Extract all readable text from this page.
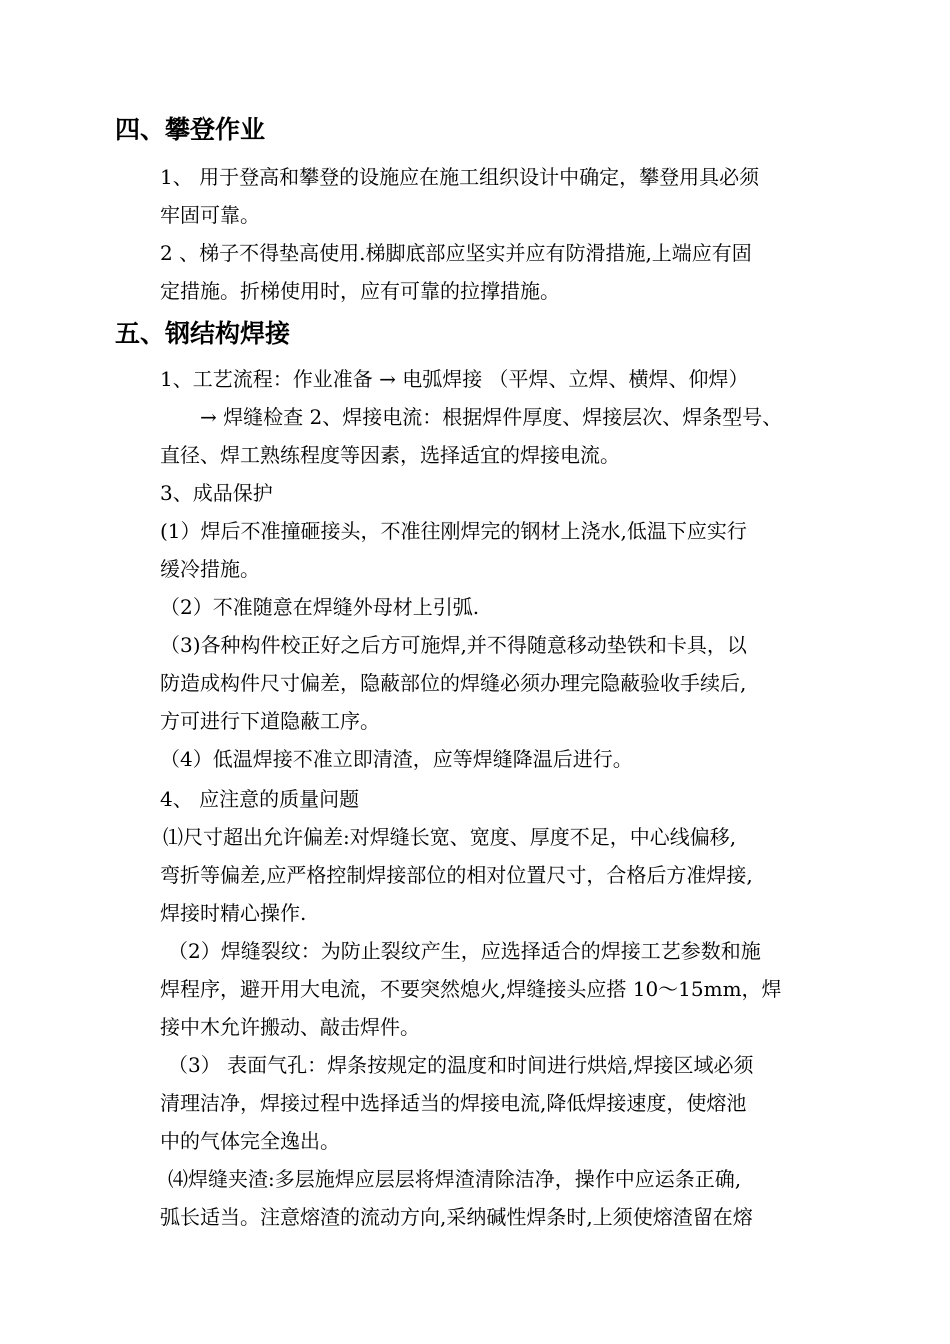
四、攀登作业

1、 用于登高和攀登的设施应在施工组织设计中确定，攀登用具必须

牢固可靠。

2 、梯子不得垫高使用.梯脚底部应坚实并应有防滑措施,上端应有固

定措施。折梯使用时，应有可靠的拉撑措施。

五、钢结构焊接

1、工艺流程：作业准备 → 电弧焊接 （平焊、立焊、横焊、仰焊）

→ 焊缝检查 2、焊接电流：根据焊件厚度、焊接层次、焊条型号、

直径、焊工熟练程度等因素，选择适宜的焊接电流。

3、成品保护

(1）焊后不准撞砸接头，不准往刚焊完的钢材上浇水,低温下应实行

缓冷措施。

（2）不准随意在焊缝外母材上引弧.

（3)各种构件校正好之后方可施焊,并不得随意移动垫铁和卡具，以

防造成构件尺寸偏差，隐蔽部位的焊缝必须办理完隐蔽验收手续后,

方可进行下道隐蔽工序。

（4）低温焊接不准立即清渣，应等焊缝降温后进行。

4、 应注意的质量问题

⑴尺寸超出允许偏差:对焊缝长宽、宽度、厚度不足，中心线偏移,

弯折等偏差,应严格控制焊接部位的相对位置尺寸，合格后方准焊接,

焊接时精心操作.

（2）焊缝裂纹：为防止裂纹产生，应选择适合的焊接工艺参数和施

焊程序，避开用大电流，不要突然熄火,焊缝接头应搭 10～15mm，焊

接中木允许搬动、敲击焊件。

（3） 表面气孔：焊条按规定的温度和时间进行烘焙,焊接区域必须

清理洁净，焊接过程中选择适当的焊接电流,降低焊接速度，使熔池

中的气体完全逸出。

⑷焊缝夹渣:多层施焊应层层将焊渣清除洁净，操作中应运条正确,

弧长适当。注意熔渣的流动方向,采纳碱性焊条时,上须使熔渣留在熔
